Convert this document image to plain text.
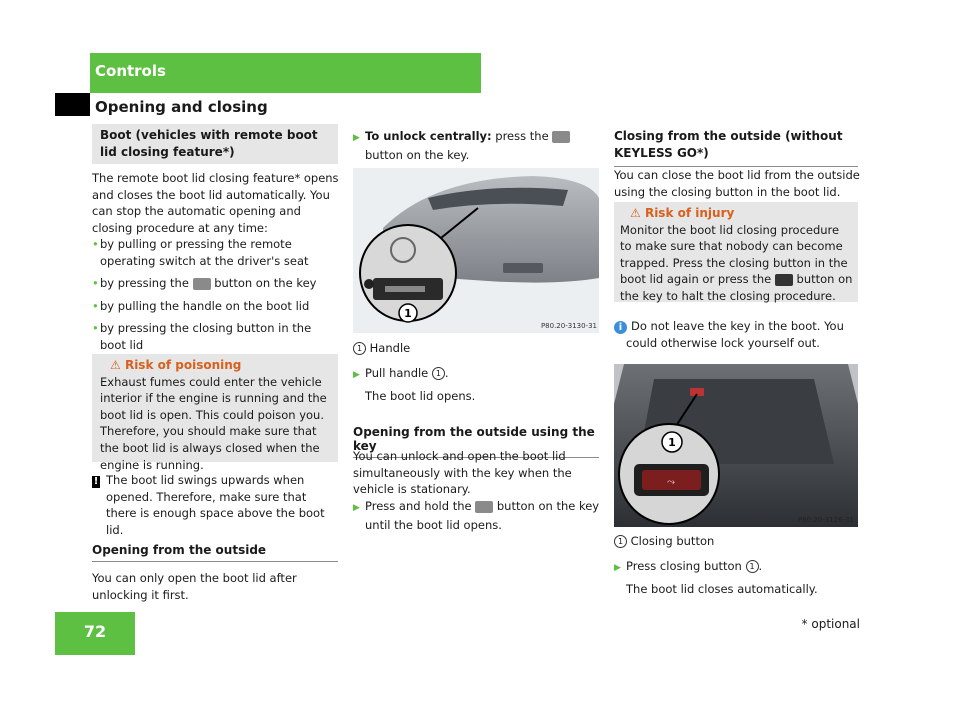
Controls
Opening and closing
Boot (vehicles with remote boot lid closing feature*)
The remote boot lid closing feature* opens and closes the boot lid automatically. You can stop the automatic opening and closing procedure at any time:
• by pulling or pressing the remote operating switch at the driver's seat
• by pressing the button on the key
• by pulling the handle on the boot lid
• by pressing the closing button in the boot lid
⚠ Risk of poisoning
Exhaust fumes could enter the vehicle interior if the engine is running and the boot lid is open. This could poison you. Therefore, you should make sure that the boot lid is always closed when the engine is running.
! The boot lid swings upwards when opened. Therefore, make sure that there is enough space above the boot lid.
Opening from the outside
You can only open the boot lid after unlocking it first.
▶ To unlock centrally: press the  button on the key.
1
P80.20-3130-31
1 Handle
▶ Pull handle 1 .
The boot lid opens.
Opening from the outside using the key
You can unlock and open the boot lid simultaneously with the key when the vehicle is stationary.
▶ Press and hold the button on the key until the boot lid opens.
Closing from the outside (without KEYLESS GO*)
You can close the boot lid from the outside using the closing button in the boot lid.
⚠ Risk of injury
Monitor the boot lid closing procedure to make sure that nobody can become trapped. Press the closing button in the boot lid again or press the button on the key to halt the closing procedure.
i Do not leave the key in the boot. You could otherwise lock yourself out.
⤳
1
P80.20-3126-31
1 Closing button
▶ Press closing button 1 .
The boot lid closes automatically.
72	* optional
